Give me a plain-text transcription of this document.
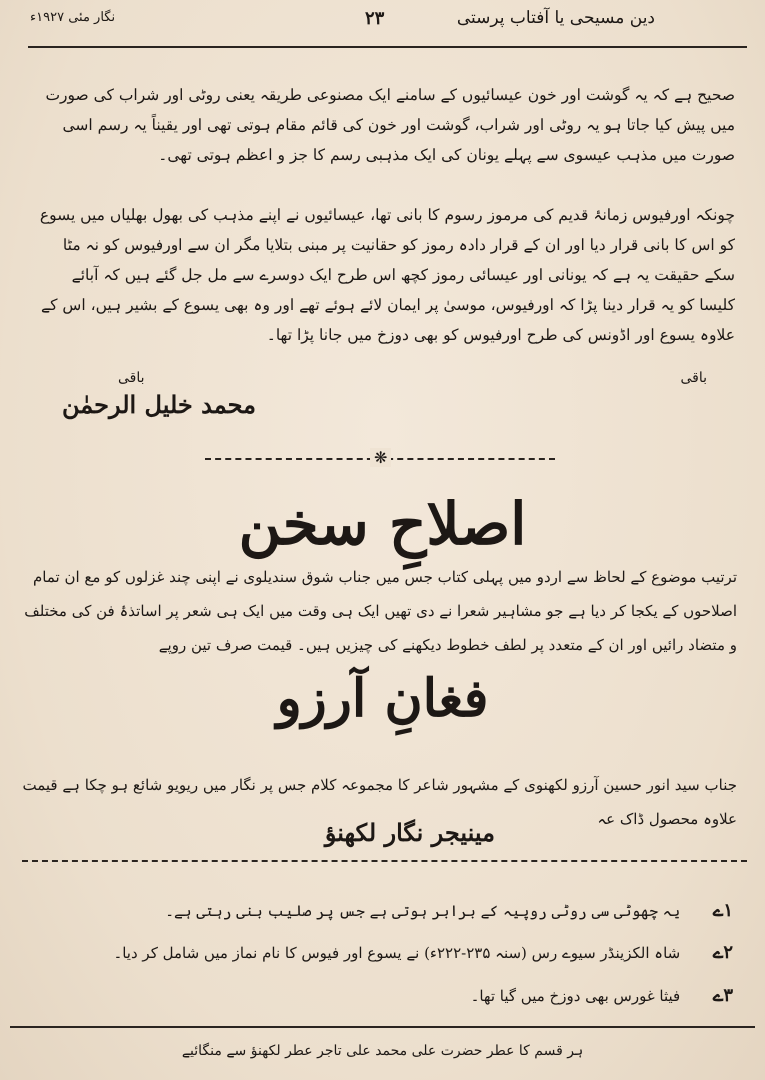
نگار مئی ۱۹۲۷ء	۲۳	دین مسیحی یا آفتاب پرستی
صحیح ہے کہ یہ گوشت اور خون عیسائیوں کے سامنے ایک مصنوعی طریقہ یعنی روٹی اور شراب کی صورت میں پیش کیا جاتا ہو یہ روٹی اور شراب، گوشت اور خون کی قائم مقام ہوتی تھی اور یقیناً یہ رسم اسی صورت میں مذہب عیسوی سے پہلے یونان کی ایک مذہبی رسم کا جز و اعظم ہوتی تھی۔
چونکہ اورفیوس زمانۂ قدیم کی مرموز رسوم کا بانی تھا، عیسائیوں نے اپنے مذہب کی بھول بھلیاں میں یسوع کو اس کا بانی قرار دیا اور ان کے قرار دادہ رموز کو حقانیت پر مبنی بتلایا مگر ان سے اورفیوس کو نہ مٹا سکے حقیقت یہ ہے کہ یونانی اور عیسائی رموز کچھ اس طرح ایک دوسرے سے مل جل گئے ہیں کہ آبائے کلیسا کو یہ قرار دینا پڑا کہ اورفیوس، موسیٰ پر ایمان لائے ہوئے تھے اور وہ بھی یسوع کے بشیر ہیں، اس کے علاوہ یسوع اور اڈونس کی طرح اورفیوس کو بھی دوزخ میں جانا پڑا تھا۔
باقی
باقی
محمد خلیل الرحمٰن
❋
اصلاحِ سخن
ترتیب موضوع کے لحاظ سے اردو میں پہلی کتاب جس میں جناب شوق سندیلوی نے اپنی چند غزلوں کو مع ان تمام اصلاحوں کے یکجا کر دیا ہے جو مشاہیر شعرا نے دی تھیں ایک ہی وقت میں ایک ہی شعر پر اساتذۂ فن کی مختلف و متضاد رائیں اور ان کے متعدد پر لطف خطوط دیکھنے کی چیزیں ہیں۔ قیمت صرف تین روپے
فغانِ آرزو
جناب سید انور حسین آرزو لکھنوی کے مشہور شاعر کا مجموعہ کلام جس پر نگار میں ریویو شائع ہو چکا ہے قیمت علاوہ محصول ڈاک عہ
مینیجر نگار لکھنؤ
۱ے یہ چھوٹی سی روٹی روپیہ کے برابر ہوتی ہے جس پر صلیب بنی رہتی ہے۔
۲ے شاہ الکزینڈر سیوے رس (سنہ ۲۳۵-۲۲۲ء) نے یسوع اور فیوس کا نام نماز میں شامل کر دیا۔
۳ے فیثا غورس بھی دوزخ میں گیا تھا۔
ہر قسم کا عطر حضرت علی محمد علی تاجر عطر لکھنؤ سے منگائیے
